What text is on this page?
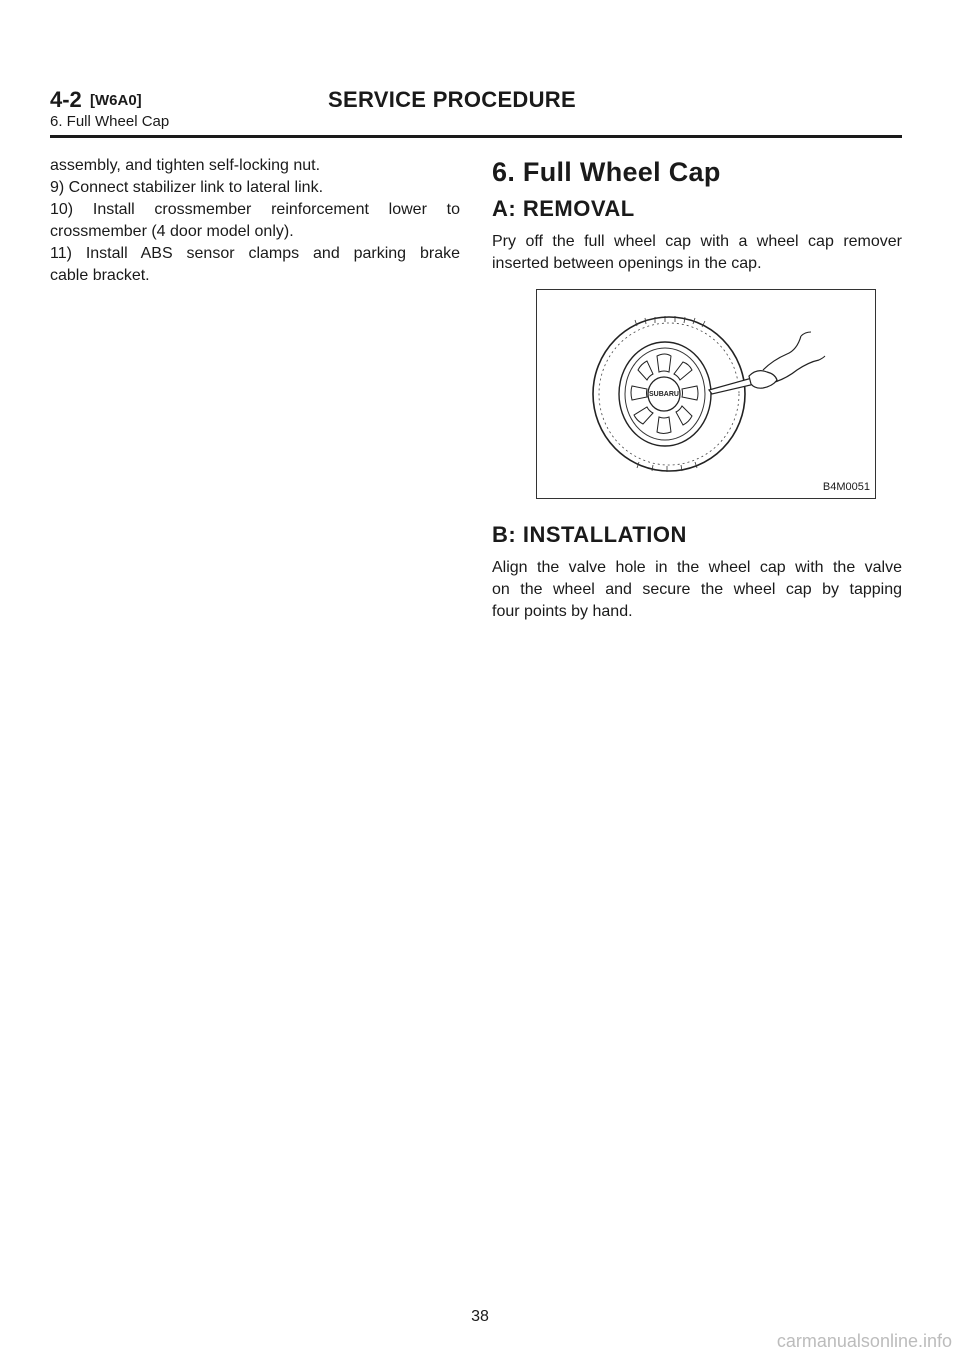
4-2 [W6A0]	SERVICE PROCEDURE
6. Full Wheel Cap

assembly, and tighten self-locking nut.

9) Connect stabilizer link to lateral link.

10) Install crossmember reinforcement lower to

crossmember (4 door model only).

11) Install ABS sensor clamps and parking brake

cable bracket.

6. Full Wheel Cap
A: REMOVAL

Pry off the full wheel cap with a wheel cap remover

inserted between openings in the cap.

SUBARU
B4M0051
B: INSTALLATION

Align the valve hole in the wheel cap with the valve

on the wheel and secure the wheel cap by tapping

four points by hand.

38
carmanualsonline.info
